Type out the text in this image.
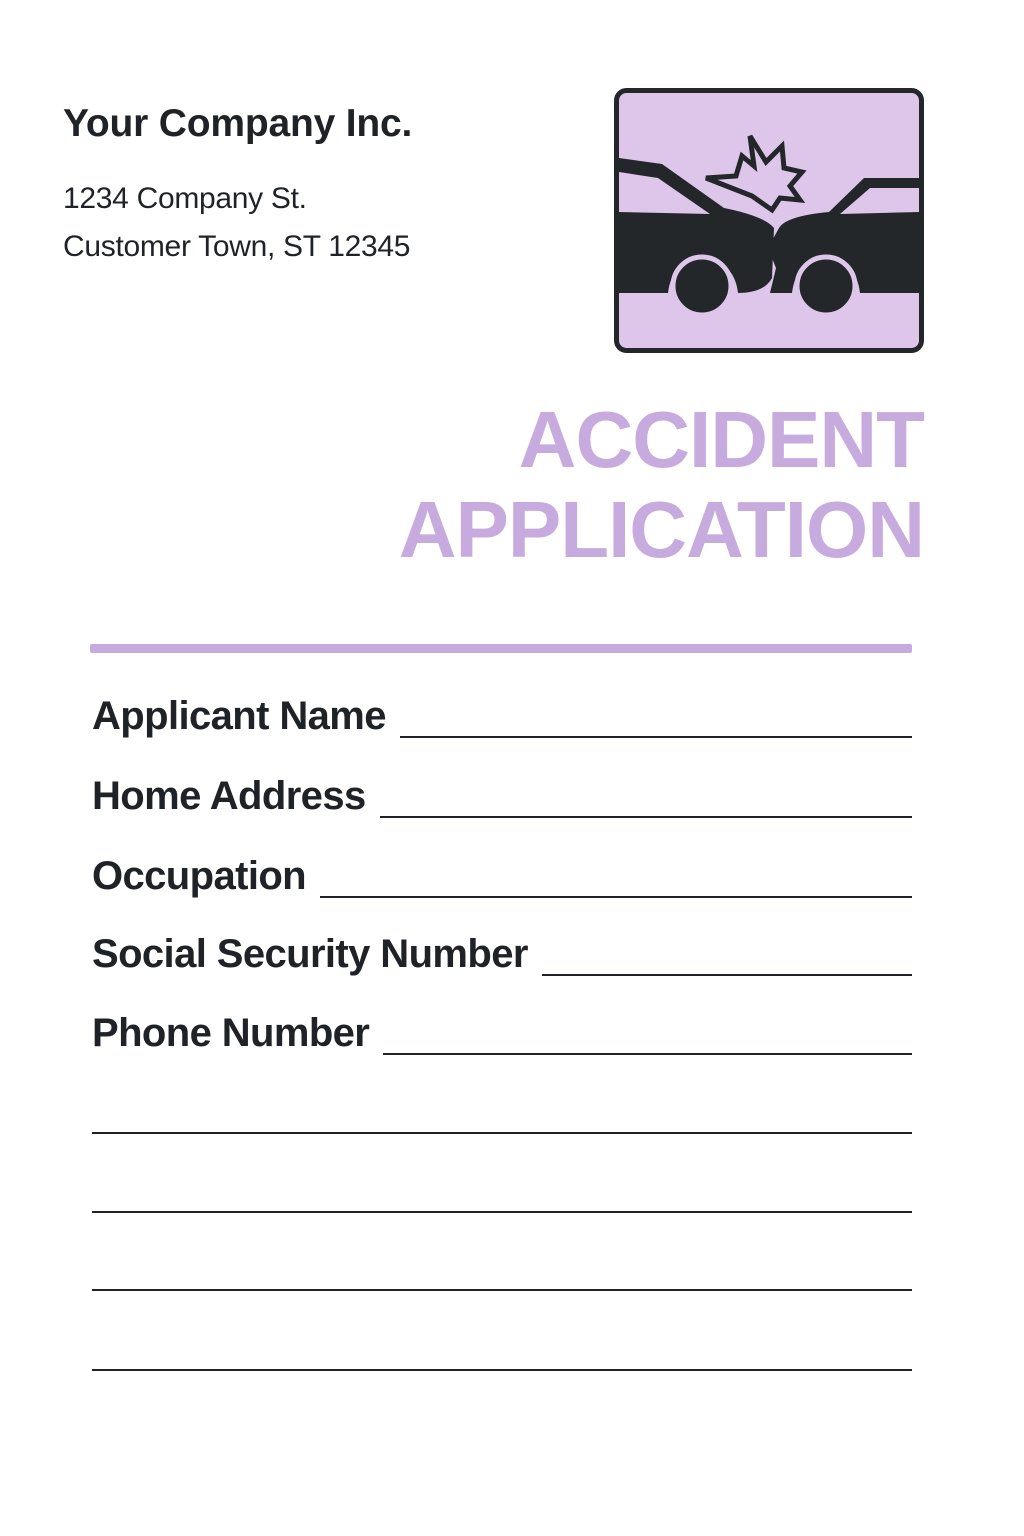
Your Company Inc.
1234 Company St.
Customer Town, ST 12345
ACCIDENT
APPLICATION
Applicant Name
Home Address
Occupation
Social Security Number
Phone Number
